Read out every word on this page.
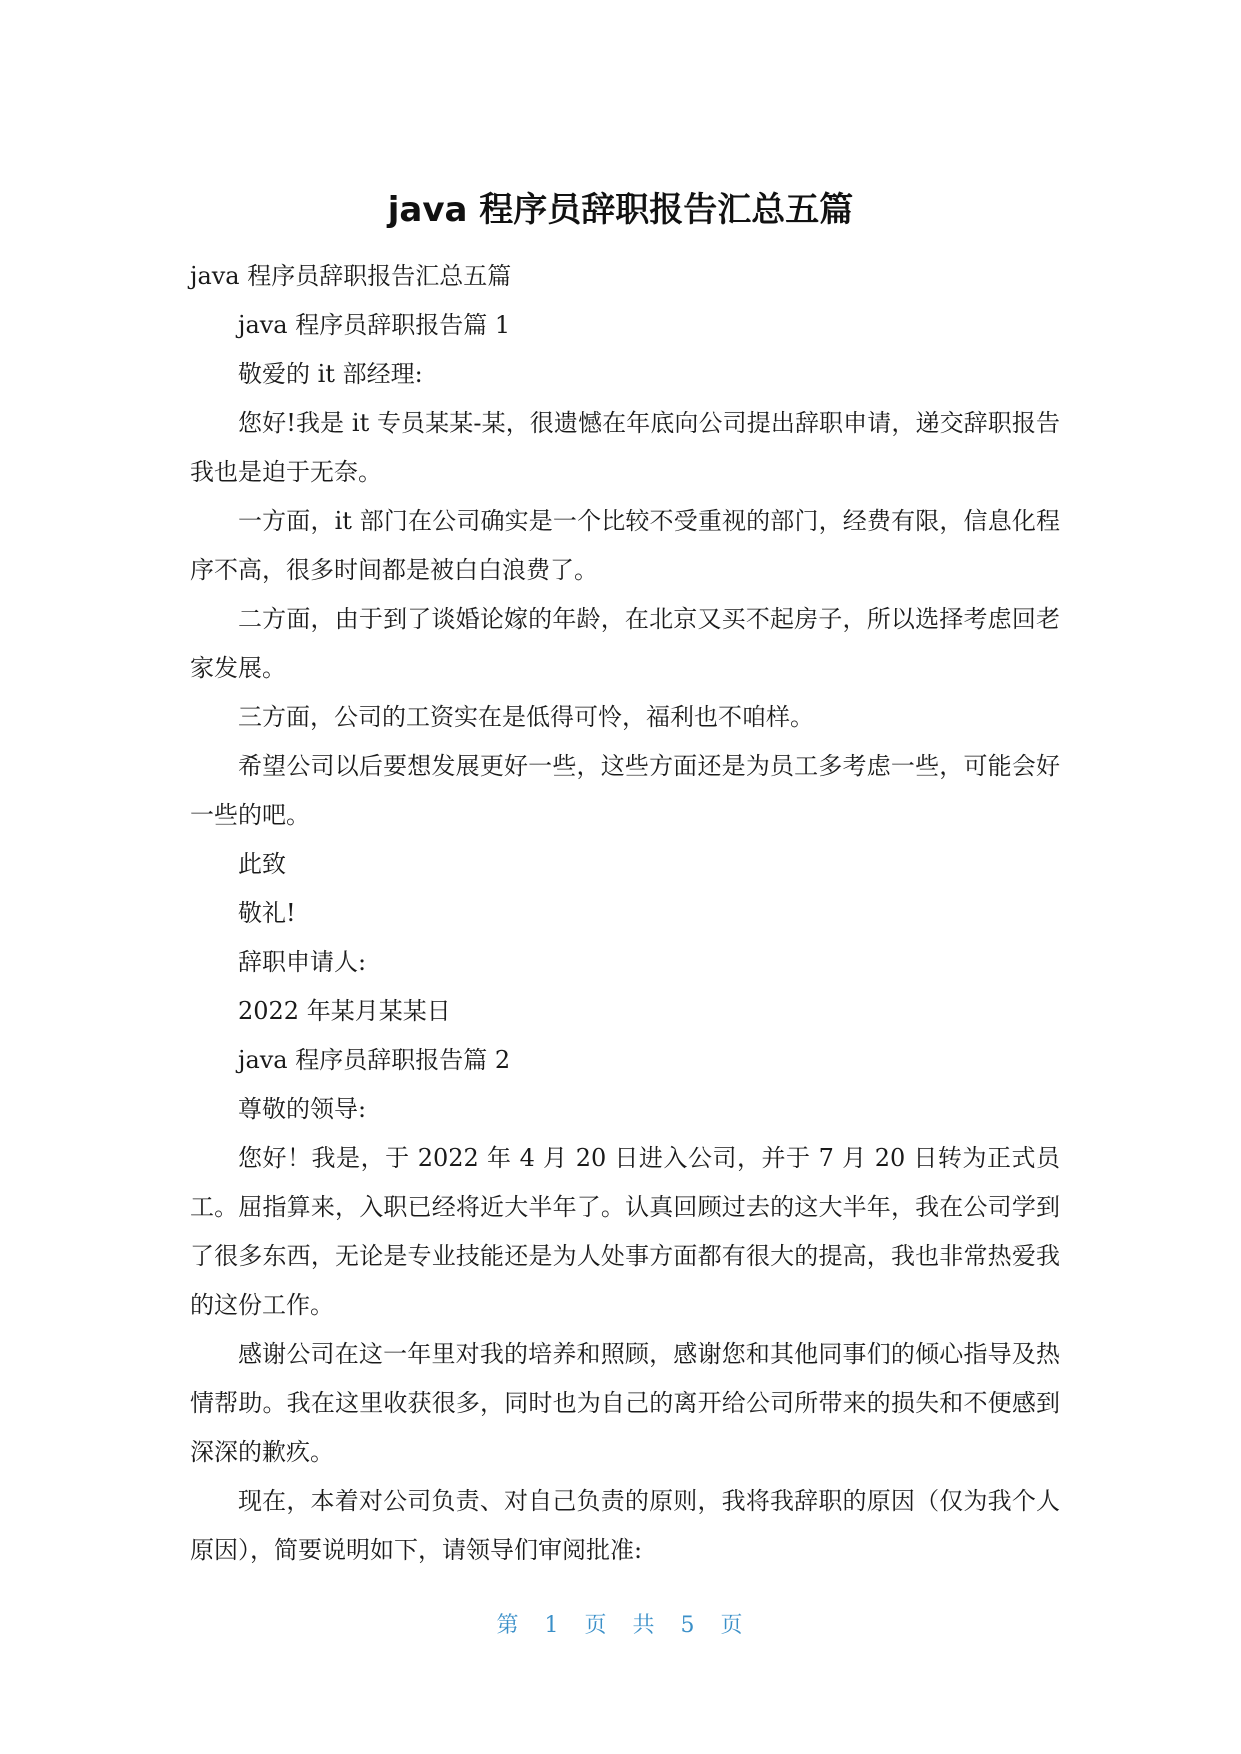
java 程序员辞职报告汇总五篇

java 程序员辞职报告汇总五篇

java 程序员辞职报告篇 1

敬爱的 it 部经理:

您好!我是 it 专员某某-某，很遗憾在年底向公司提出辞职申请，递交辞职报告我也是迫于无奈。

一方面，it 部门在公司确实是一个比较不受重视的部门，经费有限，信息化程序不高，很多时间都是被白白浪费了。

二方面，由于到了谈婚论嫁的年龄，在北京又买不起房子，所以选择考虑回老家发展。

三方面，公司的工资实在是低得可怜，福利也不咱样。

希望公司以后要想发展更好一些，这些方面还是为员工多考虑一些，可能会好一些的吧。

此致

敬礼!

辞职申请人:

2022 年某月某某日

java 程序员辞职报告篇 2

尊敬的领导:

您好！我是，于 2022 年 4 月 20 日进入公司，并于 7 月 20 日转为正式员工。屈指算来，入职已经将近大半年了。认真回顾过去的这大半年，我在公司学到了很多东西，无论是专业技能还是为人处事方面都有很大的提高，我也非常热爱我的这份工作。

感谢公司在这一年里对我的培养和照顾，感谢您和其他同事们的倾心指导及热情帮助。我在这里收获很多，同时也为自己的离开给公司所带来的损失和不便感到深深的歉疚。

现在，本着对公司负责、对自己负责的原则，我将我辞职的原因（仅为我个人原因），简要说明如下，请领导们审阅批准:

第 1 页 共 5 页
